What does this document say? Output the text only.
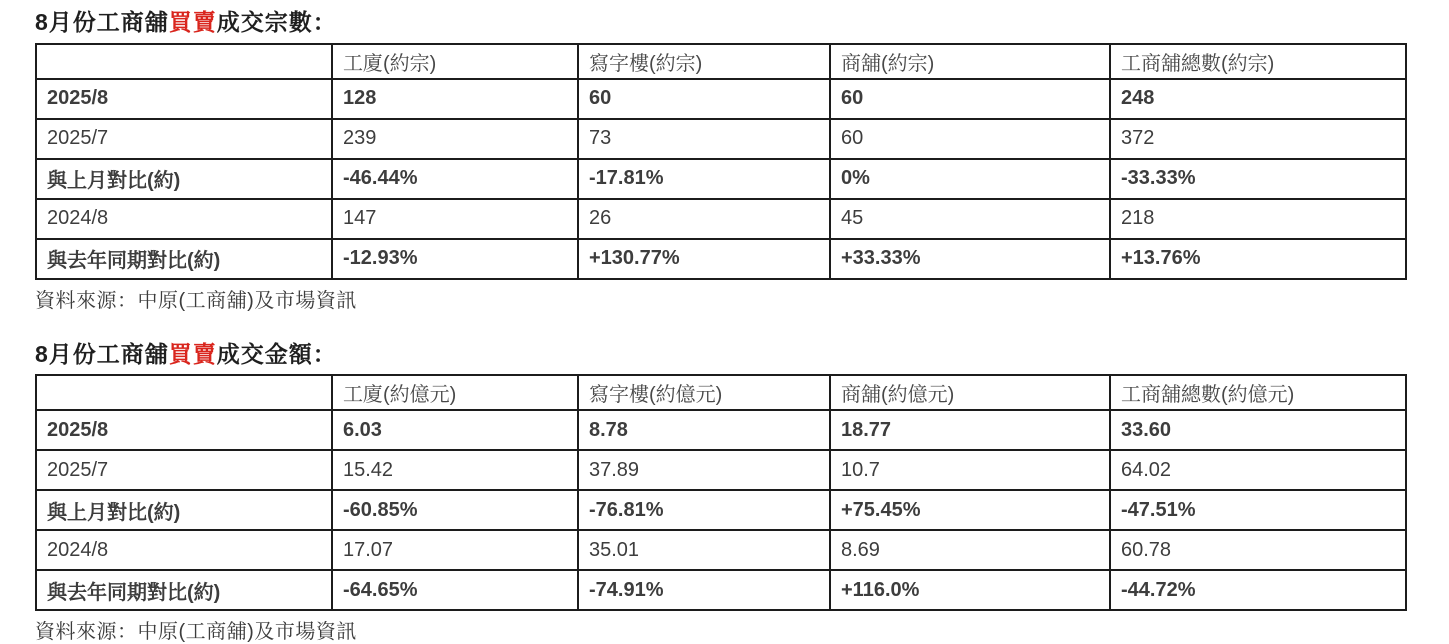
8月份工商舖買賣成交宗數：
	工廈(約宗)	寫字樓(約宗)	商舖(約宗)	工商舖總數(約宗)
2025/8	128	60	60	248
2025/7	239	73	60	372
與上月對比(約)	-46.44%	-17.81%	0%	-33.33%
2024/8	147	26	45	218
與去年同期對比(約)	-12.93%	+130.77%	+33.33%	+13.76%

資料來源：中原(工商舖)及市場資訊

8月份工商舖買賣成交金額：
	工廈(約億元)	寫字樓(約億元)	商舖(約億元)	工商舖總數(約億元)
2025/8	6.03	8.78	18.77	33.60
2025/7	15.42	37.89	10.7	64.02
與上月對比(約)	-60.85%	-76.81%	+75.45%	-47.51%
2024/8	17.07	35.01	8.69	60.78
與去年同期對比(約)	-64.65%	-74.91%	+116.0%	-44.72%

資料來源：中原(工商舖)及市場資訊
